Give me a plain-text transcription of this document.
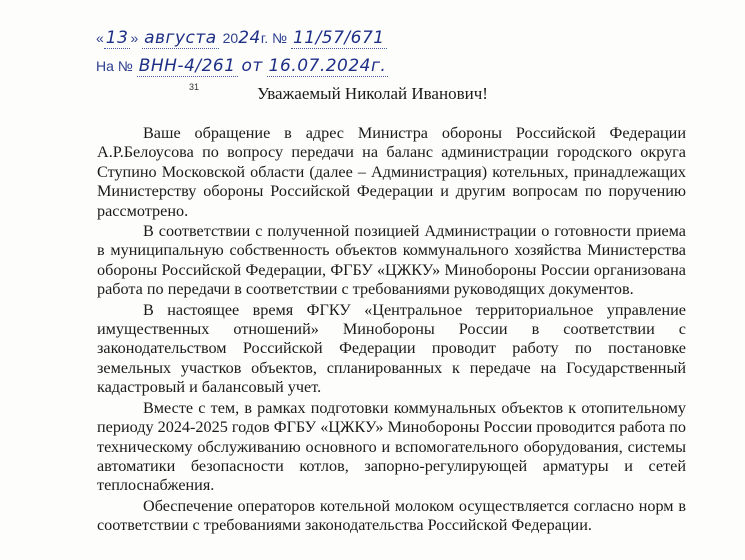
« 13 » августа 2024г. № 11/57/671
На № ВНН-4/261 от 16.07.2024г.
31	Уважаемый Николай Иванович!

Ваше обращение в адрес Министра обороны Российской Федерации А.Р.Белоусова по вопросу передачи на баланс администрации городского округа Ступино Московской области (далее – Администрация) котельных, принадлежащих Министерству обороны Российской Федерации и другим вопросам по поручению рассмотрено.

В соответствии с полученной позицией Администрации о готовности приема в муниципальную собственность объектов коммунального хозяйства Министерства обороны Российской Федерации, ФГБУ «ЦЖКУ» Минобороны России организована работа по передачи в соответствии с требованиями руководящих документов.

В настоящее время ФГКУ «Центральное территориальное управление имущественных отношений» Минобороны России в соответствии с законодательством Российской Федерации проводит работу по постановке земельных участков объектов, спланированных к передаче на Государственный кадастровый и балансовый учет.

Вместе с тем, в рамках подготовки коммунальных объектов к отопительному периоду 2024-2025 годов ФГБУ «ЦЖКУ» Минобороны России проводится работа по техническому обслуживанию основного и вспомогательного оборудования, системы автоматики безопасности котлов, запорно-регулирующей арматуры и сетей теплоснабжения.

Обеспечение операторов котельной молоком осуществляется согласно норм в соответствии с требованиями законодательства Российской Федерации.
